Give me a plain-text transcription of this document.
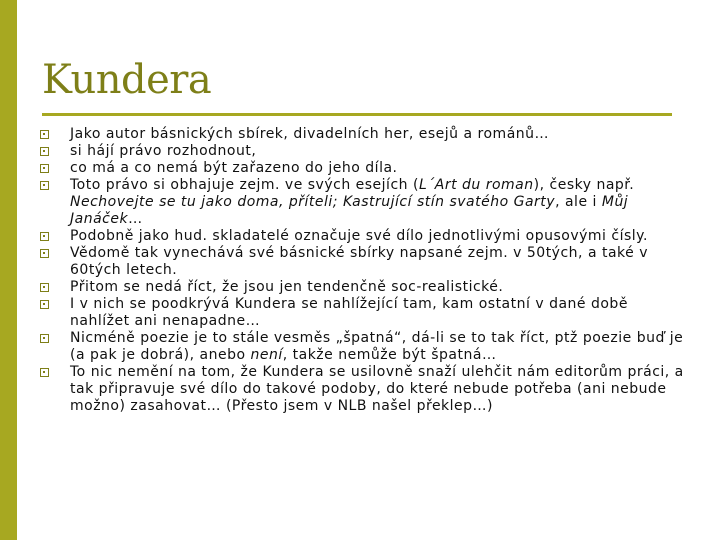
Kundera
Jako autor básnických sbírek, divadelních her, esejů a románů…
si hájí právo rozhodnout,
co má a co nemá být zařazeno do jeho díla.
Toto právo si obhajuje zejm. ve svých esejích (L´Art du roman), česky např. Nechovejte se tu jako doma, příteli; Kastrující stín svatého Garty, ale i Můj Janáček…
Podobně jako hud. skladatelé označuje své dílo jednotlivými opusovými čísly.
Vědomě tak vynechává své básnické sbírky napsané zejm. v 50tých, a také v 60tých letech.
Přitom se nedá říct, že jsou jen tendenčně soc-realistické.
I v nich se poodkrývá Kundera se nahlížející tam, kam ostatní v dané době nahlížet ani nenapadne…
Nicméně poezie je to stále vesměs „špatná“, dá-li se to tak říct, ptž poezie buď je (a pak je dobrá), anebo není, takže nemůže být špatná…
To nic nemění na tom, že Kundera se usilovně snaží ulehčit nám editorům práci, a tak připravuje své dílo do takové podoby, do které nebude potřeba (ani nebude možno) zasahovat… (Přesto jsem v NLB našel překlep…)
